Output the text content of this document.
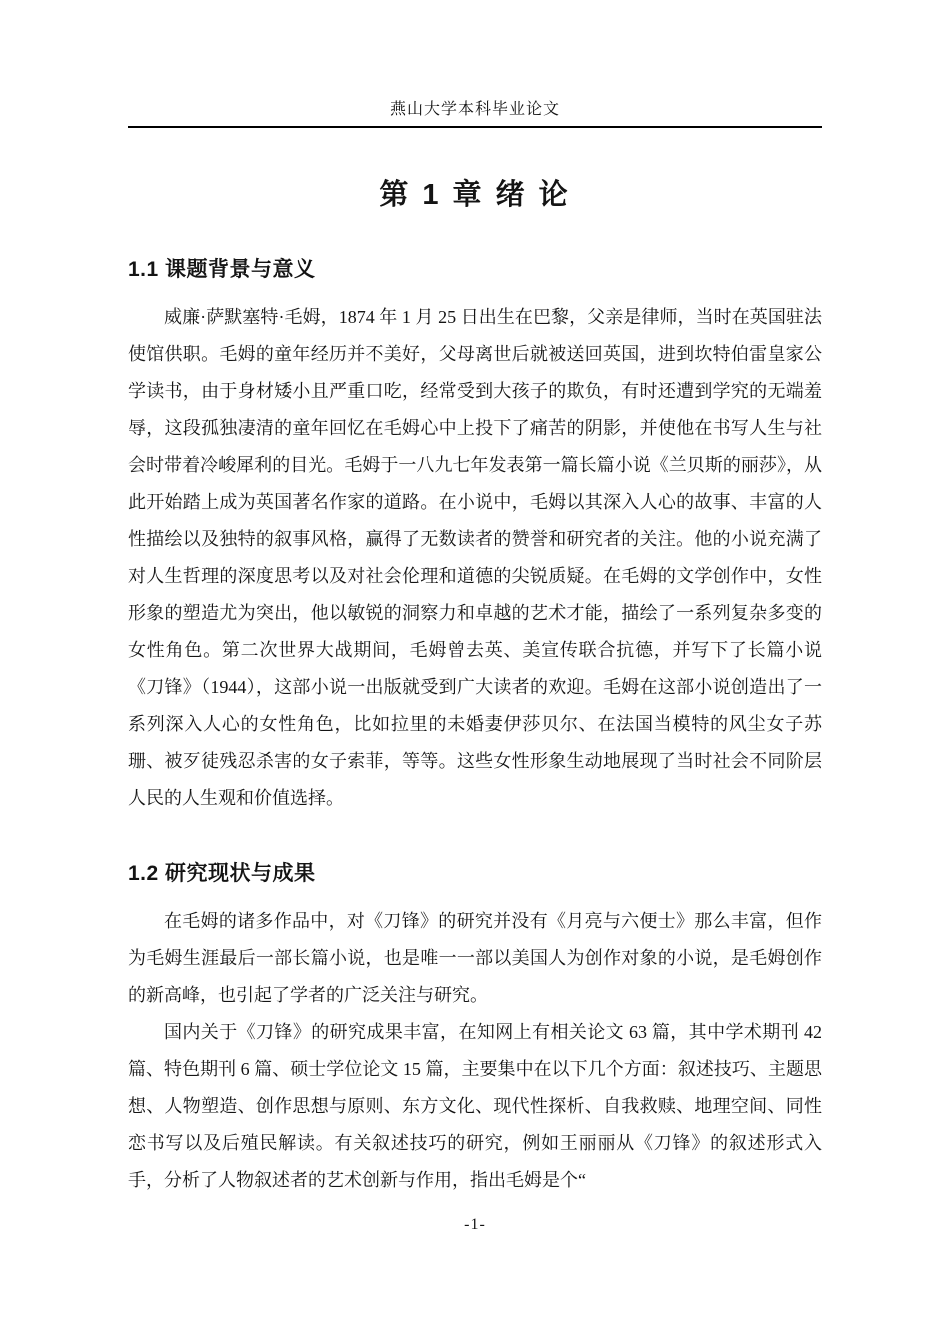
燕山大学本科毕业论文
第 1 章 绪 论
1.1 课题背景与意义

威廉·萨默塞特·毛姆，1874 年 1 月 25 日出生在巴黎，父亲是律师，当时在英国驻法使馆供职。毛姆的童年经历并不美好，父母离世后就被送回英国，进到坎特伯雷皇家公学读书，由于身材矮小且严重口吃，经常受到大孩子的欺负，有时还遭到学究的无端羞辱，这段孤独凄清的童年回忆在毛姆心中上投下了痛苦的阴影，并使他在书写人生与社会时带着冷峻犀利的目光。毛姆于一八九七年发表第一篇长篇小说《兰贝斯的丽莎》，从此开始踏上成为英国著名作家的道路。在小说中，毛姆以其深入人心的故事、丰富的人性描绘以及独特的叙事风格，赢得了无数读者的赞誉和研究者的关注。他的小说充满了对人生哲理的深度思考以及对社会伦理和道德的尖锐质疑。在毛姆的文学创作中，女性形象的塑造尤为突出，他以敏锐的洞察力和卓越的艺术才能，描绘了一系列复杂多变的女性角色。第二次世界大战期间，毛姆曾去英、美宣传联合抗德，并写下了长篇小说《刀锋》（1944），这部小说一出版就受到广大读者的欢迎。毛姆在这部小说创造出了一系列深入人心的女性角色，比如拉里的未婚妻伊莎贝尔、在法国当模特的风尘女子苏珊、被歹徒残忍杀害的女子索菲，等等。这些女性形象生动地展现了当时社会不同阶层人民的人生观和价值选择。

1.2 研究现状与成果

在毛姆的诸多作品中，对《刀锋》的研究并没有《月亮与六便士》那么丰富，但作为毛姆生涯最后一部长篇小说，也是唯一一部以美国人为创作对象的小说，是毛姆创作的新高峰，也引起了学者的广泛关注与研究。

国内关于《刀锋》的研究成果丰富，在知网上有相关论文 63 篇，其中学术期刊 42 篇、特色期刊 6 篇、硕士学位论文 15 篇，主要集中在以下几个方面：叙述技巧、主题思想、人物塑造、创作思想与原则、东方文化、现代性探析、自我救赎、地理空间、同性恋书写以及后殖民解读。有关叙述技巧的研究，例如王丽丽从《刀锋》的叙述形式入手，分析了人物叙述者的艺术创新与作用，指出毛姆是个“

-1-
